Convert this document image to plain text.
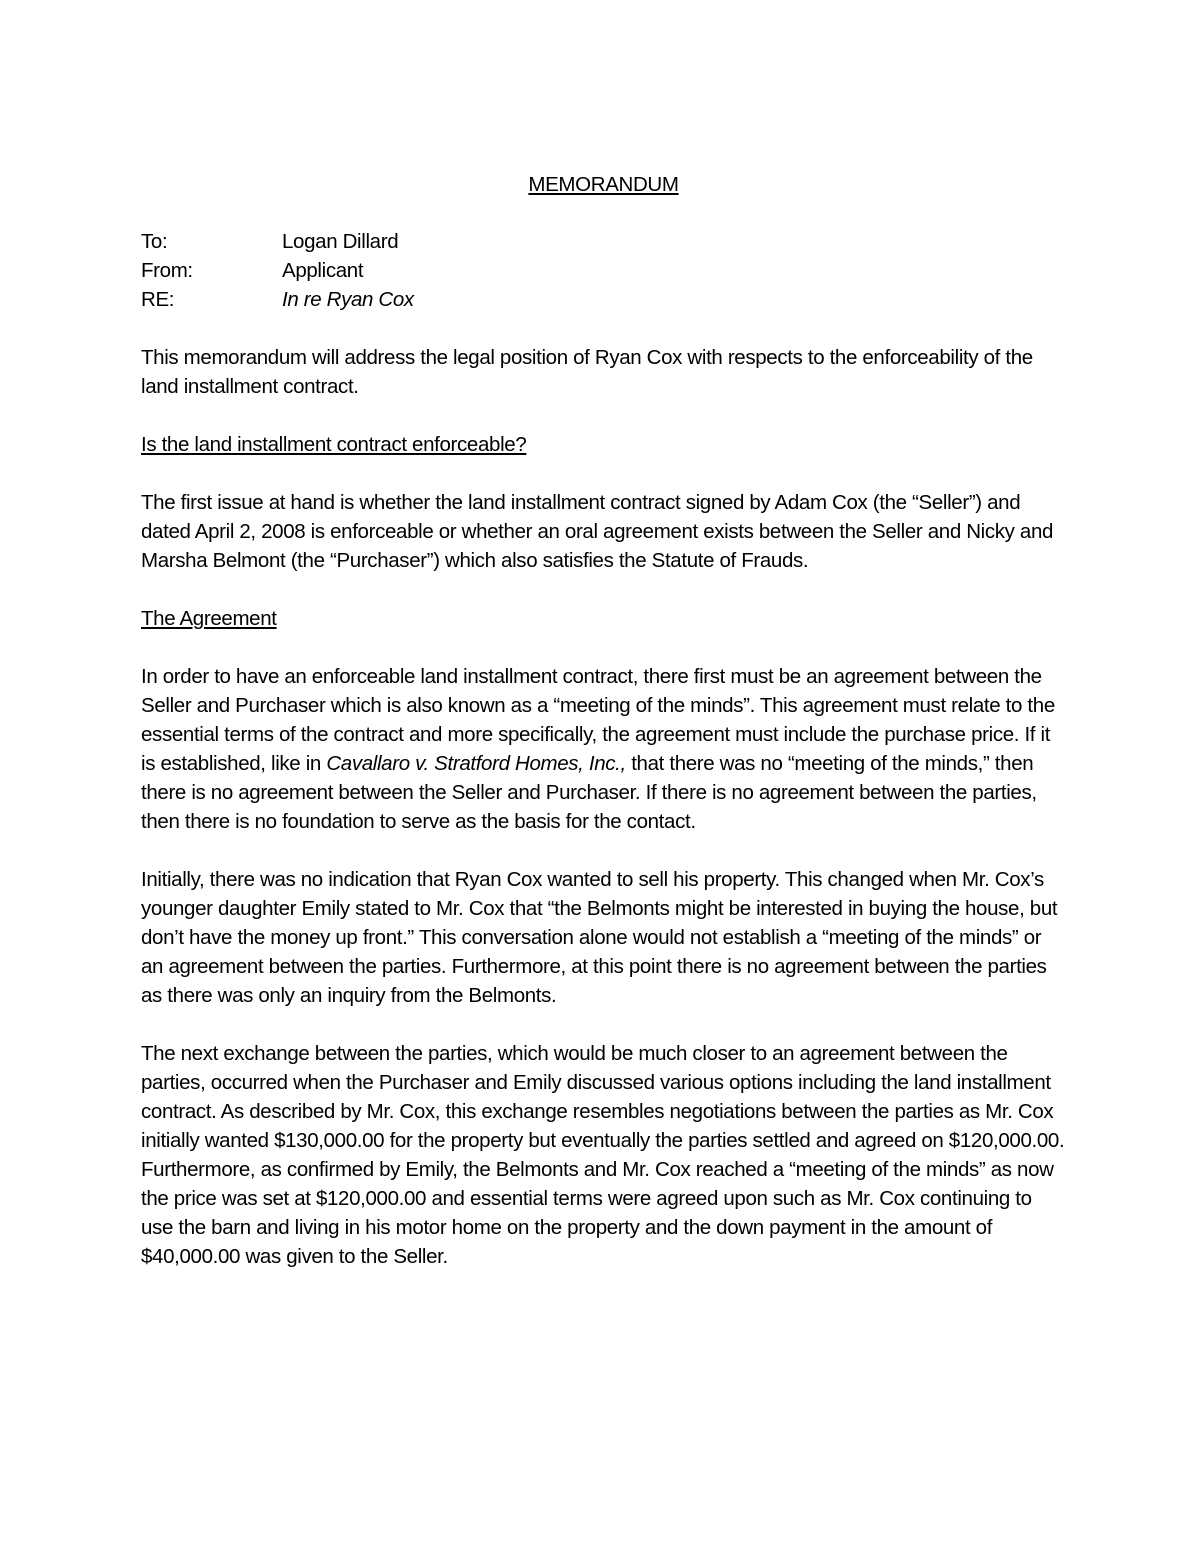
MEMORANDUM
To:	Logan Dillard
From:	Applicant
RE:	In re Ryan Cox

This memorandum will address the legal position of Ryan Cox with respects to the enforceability of the land installment contract.

Is the land installment contract enforceable?

The first issue at hand is whether the land installment contract signed by Adam Cox (the “Seller”) and dated April 2, 2008 is enforceable or whether an oral agreement exists between the Seller and Nicky and Marsha Belmont (the “Purchaser”) which also satisfies the Statute of Frauds.

The Agreement

In order to have an enforceable land installment contract, there first must be an agreement between the Seller and Purchaser which is also known as a “meeting of the minds”. This agreement must relate to the essential terms of the contract and more specifically, the agreement must include the purchase price. If it is established, like in Cavallaro v. Stratford Homes, Inc., that there was no “meeting of the minds,” then there is no agreement between the Seller and Purchaser. If there is no agreement between the parties, then there is no foundation to serve as the basis for the contact.

Initially, there was no indication that Ryan Cox wanted to sell his property. This changed when Mr. Cox’s younger daughter Emily stated to Mr. Cox that “the Belmonts might be interested in buying the house, but don’t have the money up front.” This conversation alone would not establish a “meeting of the minds” or an agreement between the parties. Furthermore, at this point there is no agreement between the parties as there was only an inquiry from the Belmonts.

The next exchange between the parties, which would be much closer to an agreement between the parties, occurred when the Purchaser and Emily discussed various options including the land installment contract. As described by Mr. Cox, this exchange resembles negotiations between the parties as Mr. Cox initially wanted $130,000.00 for the property but eventually the parties settled and agreed on $120,000.00. Furthermore, as confirmed by Emily, the Belmonts and Mr. Cox reached a “meeting of the minds” as now the price was set at $120,000.00 and essential terms were agreed upon such as Mr. Cox continuing to use the barn and living in his motor home on the property and the down payment in the amount of $40,000.00 was given to the Seller.
